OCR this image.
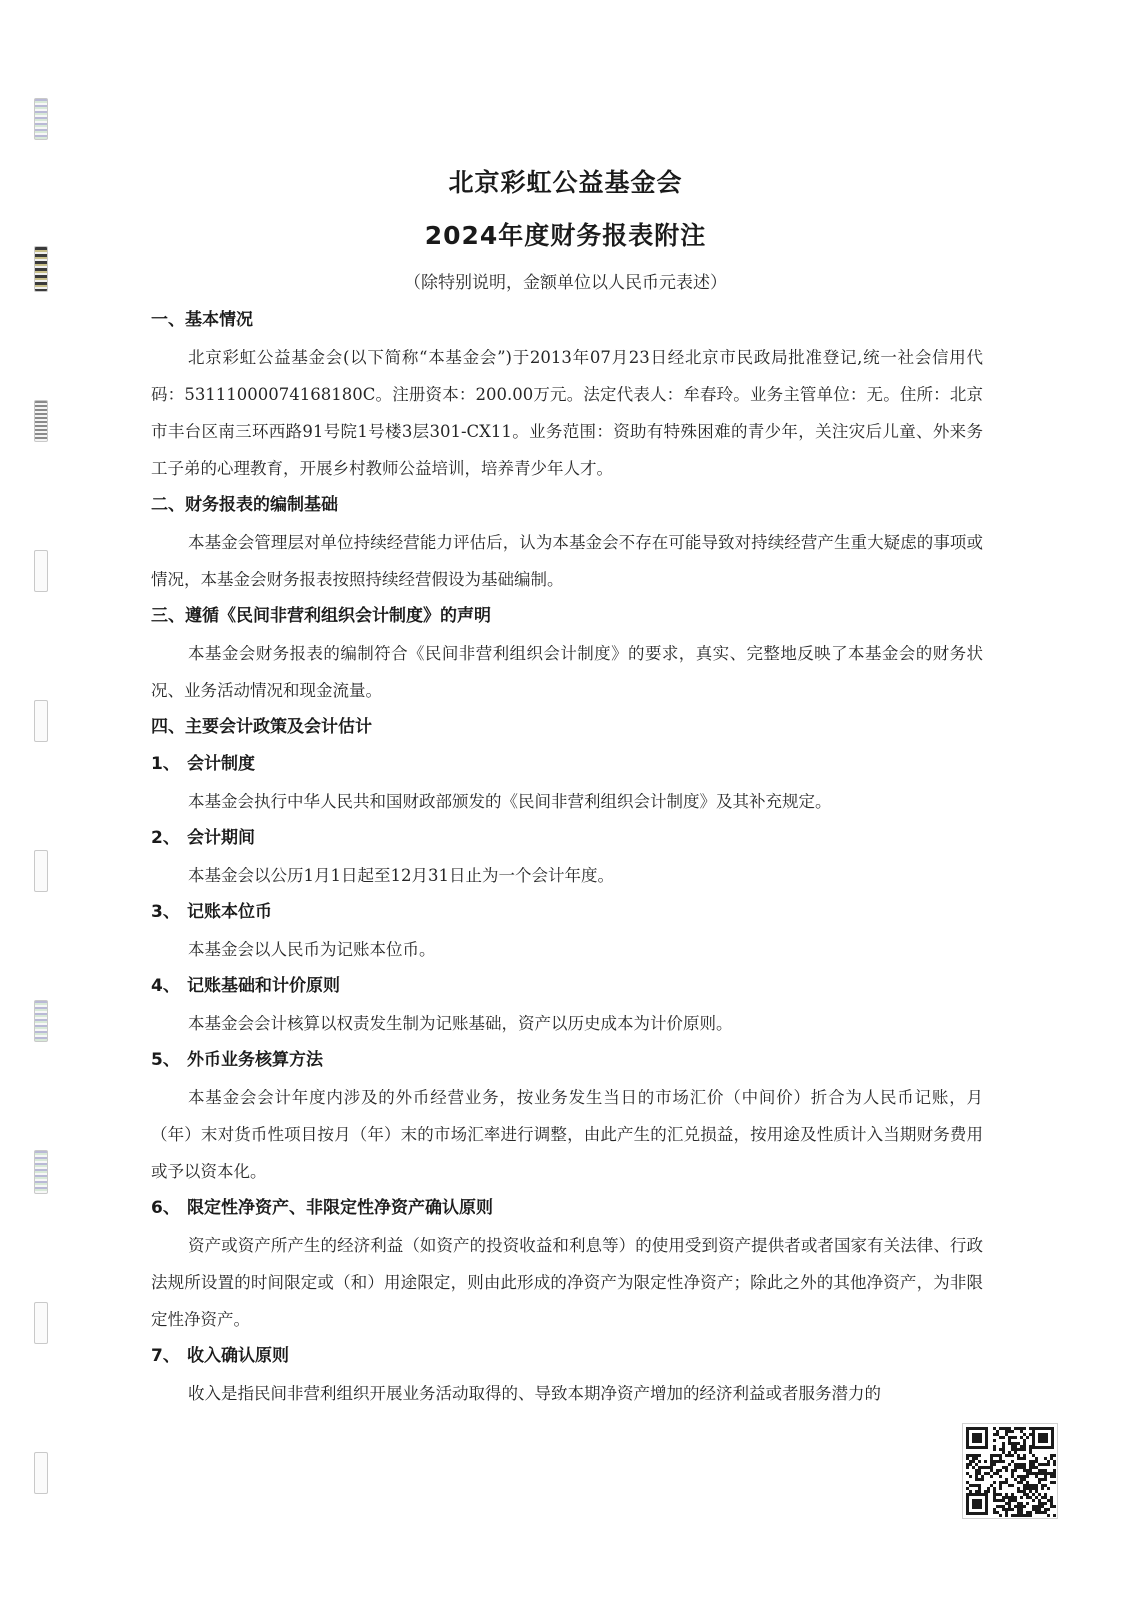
北京彩虹公益基金会
2024年度财务报表附注
（除特别说明，金额单位以人民币元表述）
一、基本情况

北京彩虹公益基金会(以下简称“本基金会”)于2013年07月23日经北京市民政局批准登记,统一社会信用代码：53111000074168180C。注册资本：200.00万元。法定代表人：牟春玲。业务主管单位：无。住所：北京市丰台区南三环西路91号院1号楼3层301-CX11。业务范围：资助有特殊困难的青少年，关注灾后儿童、外来务工子弟的心理教育，开展乡村教师公益培训，培养青少年人才。

二、财务报表的编制基础

本基金会管理层对单位持续经营能力评估后，认为本基金会不存在可能导致对持续经营产生重大疑虑的事项或情况，本基金会财务报表按照持续经营假设为基础编制。

三、遵循《民间非营利组织会计制度》的声明

本基金会财务报表的编制符合《民间非营利组织会计制度》的要求，真实、完整地反映了本基金会的财务状况、业务活动情况和现金流量。

四、主要会计政策及会计估计
1、 会计制度

本基金会执行中华人民共和国财政部颁发的《民间非营利组织会计制度》及其补充规定。

2、 会计期间

本基金会以公历1月1日起至12月31日止为一个会计年度。

3、 记账本位币

本基金会以人民币为记账本位币。

4、 记账基础和计价原则

本基金会会计核算以权责发生制为记账基础，资产以历史成本为计价原则。

5、 外币业务核算方法

本基金会会计年度内涉及的外币经营业务，按业务发生当日的市场汇价（中间价）折合为人民币记账，月（年）末对货币性项目按月（年）末的市场汇率进行调整，由此产生的汇兑损益，按用途及性质计入当期财务费用或予以资本化。

6、 限定性净资产、非限定性净资产确认原则

资产或资产所产生的经济利益（如资产的投资收益和利息等）的使用受到资产提供者或者国家有关法律、行政法规所设置的时间限定或（和）用途限定，则由此形成的净资产为限定性净资产；除此之外的其他净资产，为非限定性净资产。

7、 收入确认原则

收入是指民间非营利组织开展业务活动取得的、导致本期净资产增加的经济利益或者服务潜力的
